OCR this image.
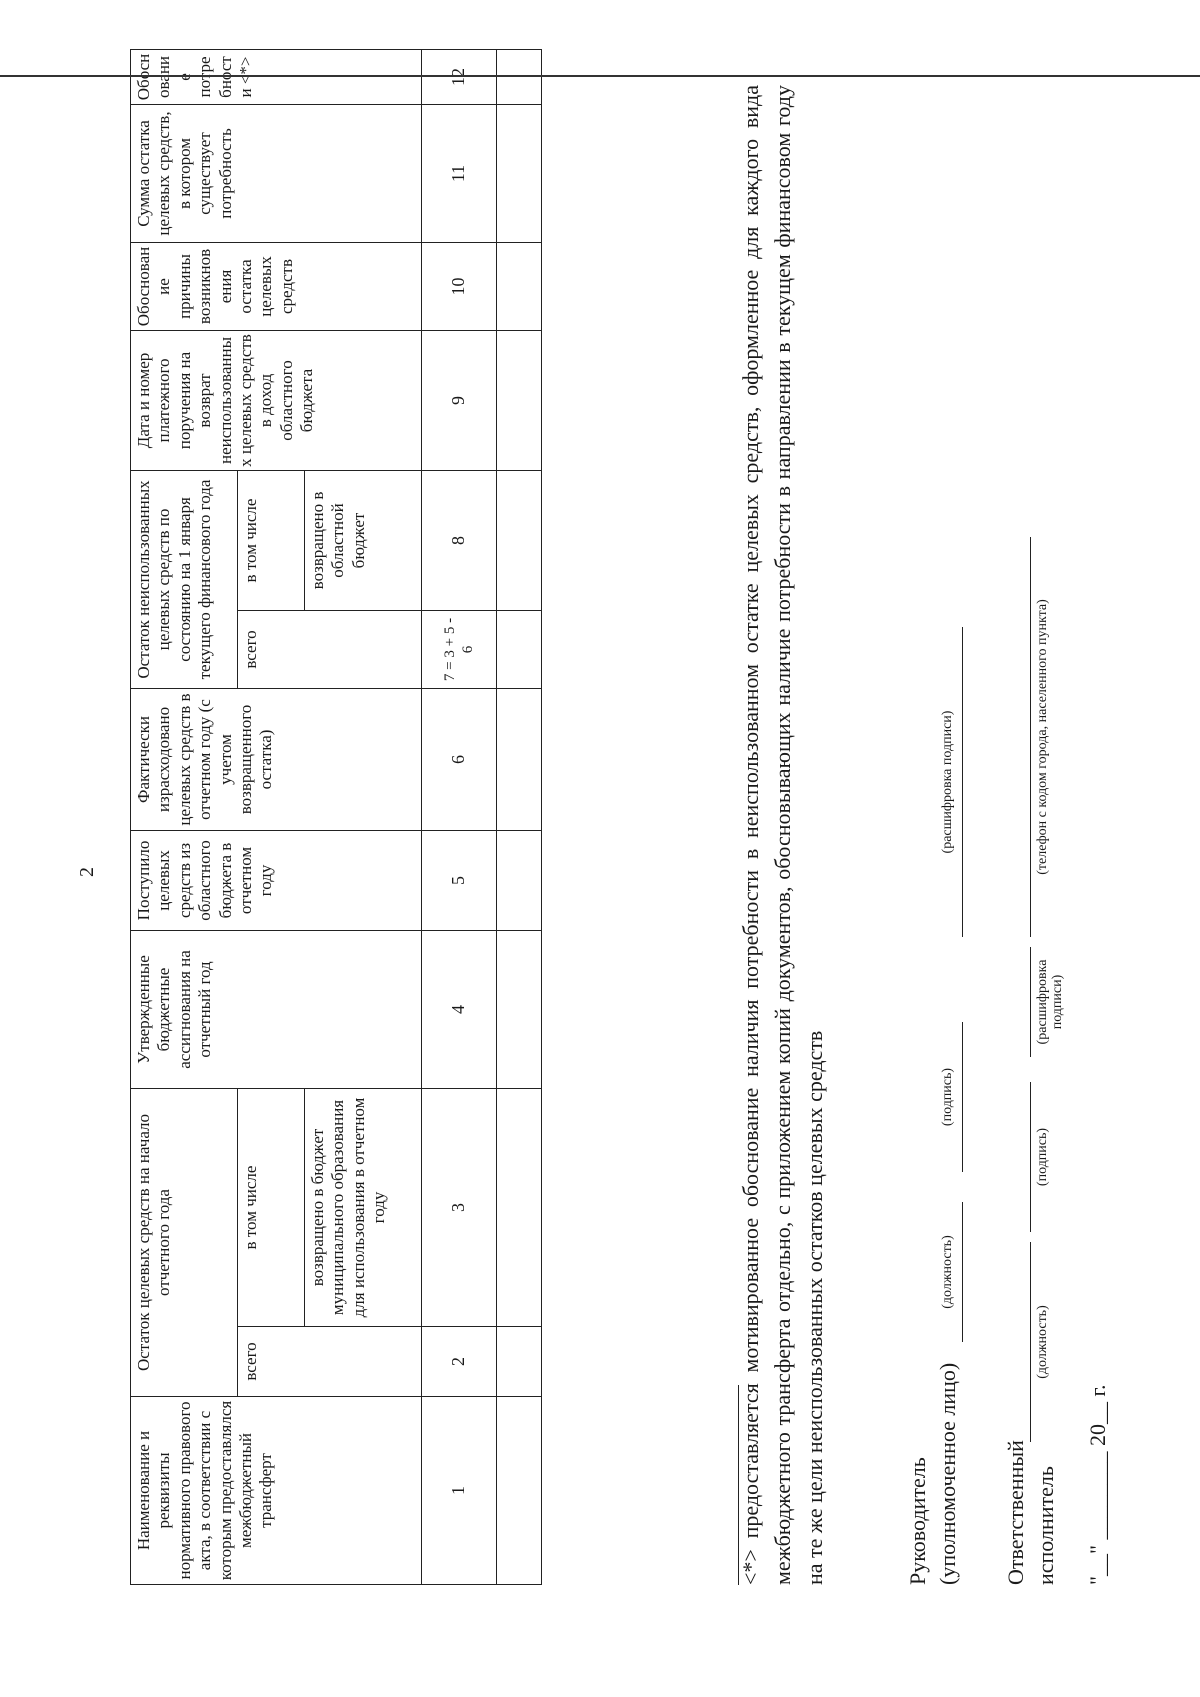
2
Наименование и реквизиты нормативного правового акта, в соответствии с которым предоставлялся межбюджетный трансферт	Остаток целевых средств на начало отчетного года		Утвержденные бюджетные ассигнования на отчетный год	Поступило целевых средств из областного бюджета в отчетном году	Фактически израсходовано целевых средств в отчетном году (с учетом возвращенного остатка)	Остаток неиспользованных целевых средств по состоянию на 1 января текущего финансового года		Дата и номер платежного поручения на возврат неиспользованных целевых средств в доход областного бюджета	Обоснование причины возникновения остатка целевых средств	Сумма остатка целевых средств, в котором существует потребность	Обоснование потребности <*>
	всего	в том числе				всего	в том числе				
		возвращено в бюджет муниципального образования для использования в отчетном году					возвращено в областной бюджет				
1	2	3	4	5	6	7 = 3 + 5 - 6	8	9	10	11	12

<*> предоставляется мотивированное обоснование наличия потребности в неиспользованном остатке целевых средств, оформленное для каждого вида межбюджетного трансферта отдельно, с приложением копий документов, обосновывающих наличие потребности в направлении в текущем финансовом году на те же цели неиспользованных остатков целевых средств	Руководитель (уполномоченное лицо)
(должность)
(подпись)
(расшифровка подписи)
Ответственный исполнитель
(должность)
(подпись)
(расшифровка подписи)
(телефон с кодом города, населенного пункта)
"__" ________ 20__ г.
